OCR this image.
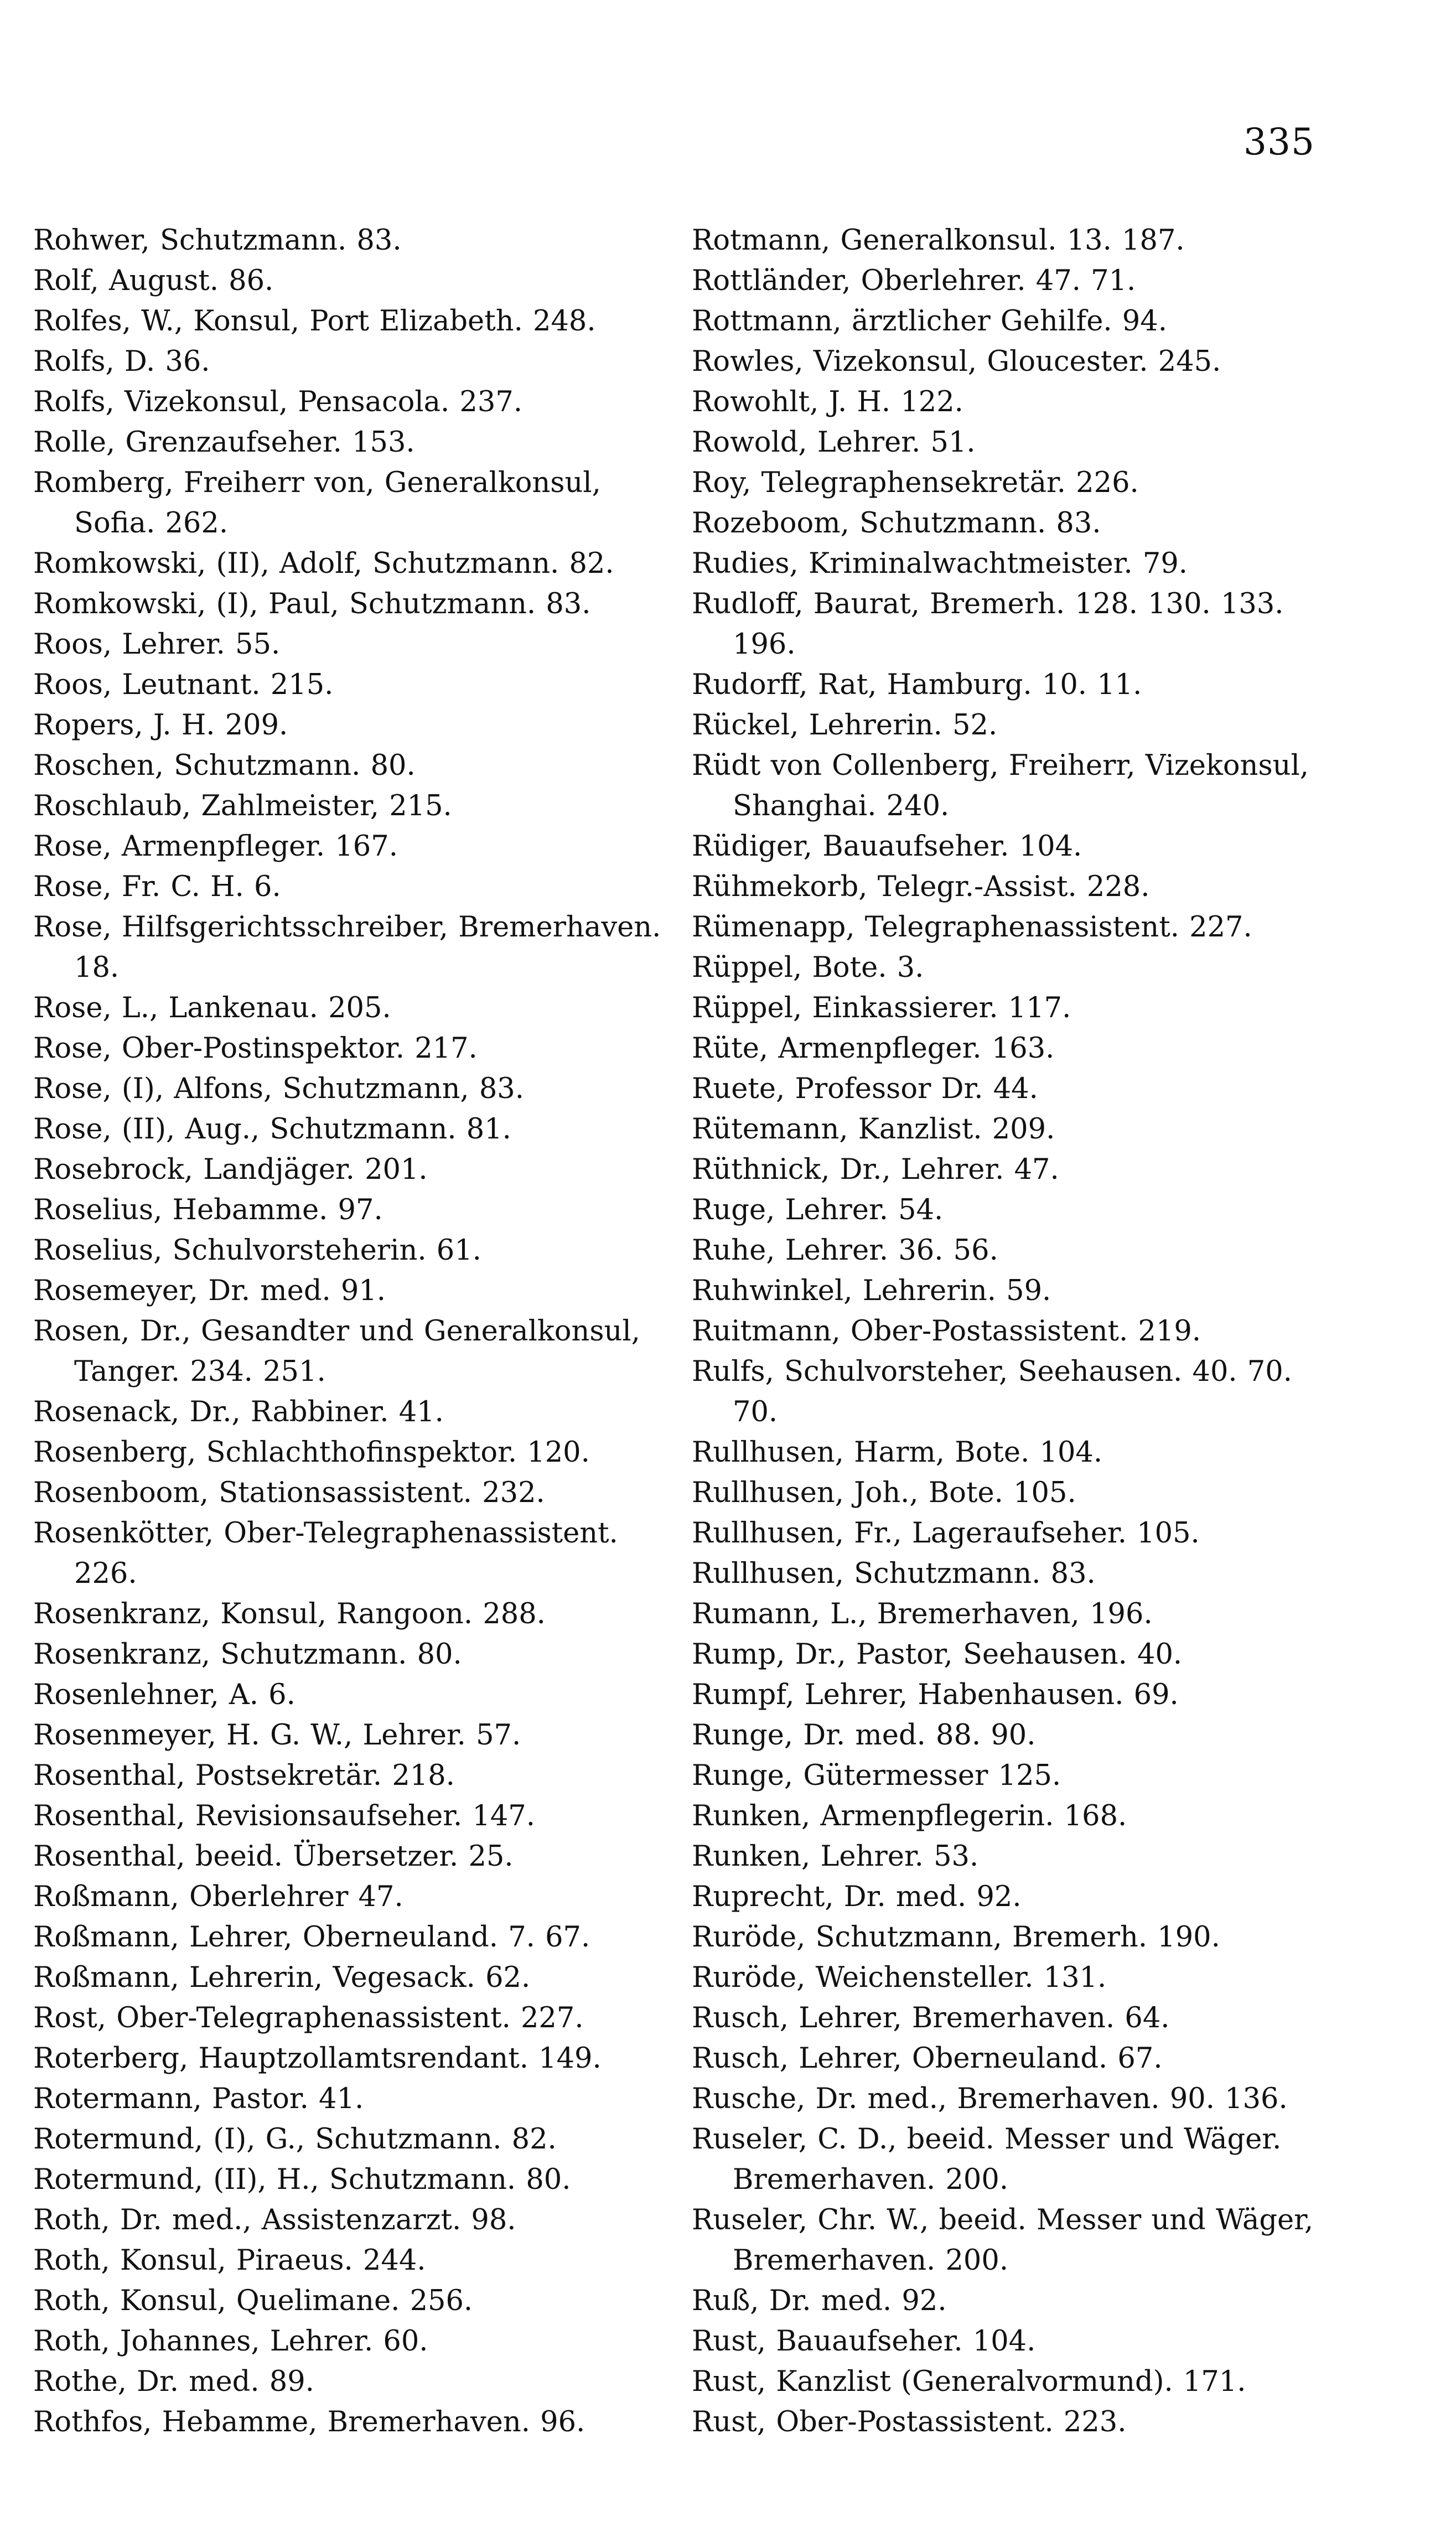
335
Rohwer, Schutzmann. 83.
Rolf, August. 86.
Rolfes, W., Konsul, Port Elizabeth. 248.
Rolfs, D. 36.
Rolfs, Vizekonsul, Pensacola. 237.
Rolle, Grenzaufseher. 153.
Romberg, Freiherr von, Generalkonsul, Sofia. 262.
Romkowski, (II), Adolf, Schutzmann. 82.
Romkowski, (I), Paul, Schutzmann. 83.
Roos, Lehrer. 55.
Roos, Leutnant. 215.
Ropers, J. H. 209.
Roschen, Schutzmann. 80.
Roschlaub, Zahlmeister, 215.
Rose, Armenpfleger. 167.
Rose, Fr. C. H. 6.
Rose, Hilfsgerichtsschreiber, Bremerhaven. 18.
Rose, L., Lankenau. 205.
Rose, Ober-Postinspektor. 217.
Rose, (I), Alfons, Schutzmann, 83.
Rose, (II), Aug., Schutzmann. 81.
Rosebrock, Landjäger. 201.
Roselius, Hebamme. 97.
Roselius, Schulvorsteherin. 61.
Rosemeyer, Dr. med. 91.
Rosen, Dr., Gesandter und Generalkonsul, Tanger. 234. 251.
Rosenack, Dr., Rabbiner. 41.
Rosenberg, Schlachthofinspektor. 120.
Rosenboom, Stationsassistent. 232.
Rosenkötter, Ober-Telegraphenassistent. 226.
Rosenkranz, Konsul, Rangoon. 288.
Rosenkranz, Schutzmann. 80.
Rosenlehner, A. 6.
Rosenmeyer, H. G. W., Lehrer. 57.
Rosenthal, Postsekretär. 218.
Rosenthal, Revisionsaufseher. 147.
Rosenthal, beeid. Übersetzer. 25.
Roßmann, Oberlehrer 47.
Roßmann, Lehrer, Oberneuland. 7. 67.
Roßmann, Lehrerin, Vegesack. 62.
Rost, Ober-Telegraphenassistent. 227.
Roterberg, Hauptzollamtsrendant. 149.
Rotermann, Pastor. 41.
Rotermund, (I), G., Schutzmann. 82.
Rotermund, (II), H., Schutzmann. 80.
Roth, Dr. med., Assistenzarzt. 98.
Roth, Konsul, Piraeus. 244.
Roth, Konsul, Quelimane. 256.
Roth, Johannes, Lehrer. 60.
Rothe, Dr. med. 89.
Rothfos, Hebamme, Bremerhaven. 96.
Rotmann, Generalkonsul. 13. 187.
Rottländer, Oberlehrer. 47. 71.
Rottmann, ärztlicher Gehilfe. 94.
Rowles, Vizekonsul, Gloucester. 245.
Rowohlt, J. H. 122.
Rowold, Lehrer. 51.
Roy, Telegraphensekretär. 226.
Rozeboom, Schutzmann. 83.
Rudies, Kriminalwachtmeister. 79.
Rudloff, Baurat, Bremerh. 128. 130. 133. 196.
Rudorff, Rat, Hamburg. 10. 11.
Rückel, Lehrerin. 52.
Rüdt von Collenberg, Freiherr, Vizekonsul, Shanghai. 240.
Rüdiger, Bauaufseher. 104.
Rühmekorb, Telegr.-Assist. 228.
Rümenapp, Telegraphenassistent. 227.
Rüppel, Bote. 3.
Rüppel, Einkassierer. 117.
Rüte, Armenpfleger. 163.
Ruete, Professor Dr. 44.
Rütemann, Kanzlist. 209.
Rüthnick, Dr., Lehrer. 47.
Ruge, Lehrer. 54.
Ruhe, Lehrer. 36. 56.
Ruhwinkel, Lehrerin. 59.
Ruitmann, Ober-Postassistent. 219.
Rulfs, Schulvorsteher, Seehausen. 40. 70. 70.
Rullhusen, Harm, Bote. 104.
Rullhusen, Joh., Bote. 105.
Rullhusen, Fr., Lageraufseher. 105.
Rullhusen, Schutzmann. 83.
Rumann, L., Bremerhaven, 196.
Rump, Dr., Pastor, Seehausen. 40.
Rumpf, Lehrer, Habenhausen. 69.
Runge, Dr. med. 88. 90.
Runge, Gütermesser 125.
Runken, Armenpflegerin. 168.
Runken, Lehrer. 53.
Ruprecht, Dr. med. 92.
Ruröde, Schutzmann, Bremerh. 190.
Ruröde, Weichensteller. 131.
Rusch, Lehrer, Bremerhaven. 64.
Rusch, Lehrer, Oberneuland. 67.
Rusche, Dr. med., Bremerhaven. 90. 136.
Ruseler, C. D., beeid. Messer und Wäger. Bremerhaven. 200.
Ruseler, Chr. W., beeid. Messer und Wäger, Bremerhaven. 200.
Ruß, Dr. med. 92.
Rust, Bauaufseher. 104.
Rust, Kanzlist (Generalvormund). 171.
Rust, Ober-Postassistent. 223.
